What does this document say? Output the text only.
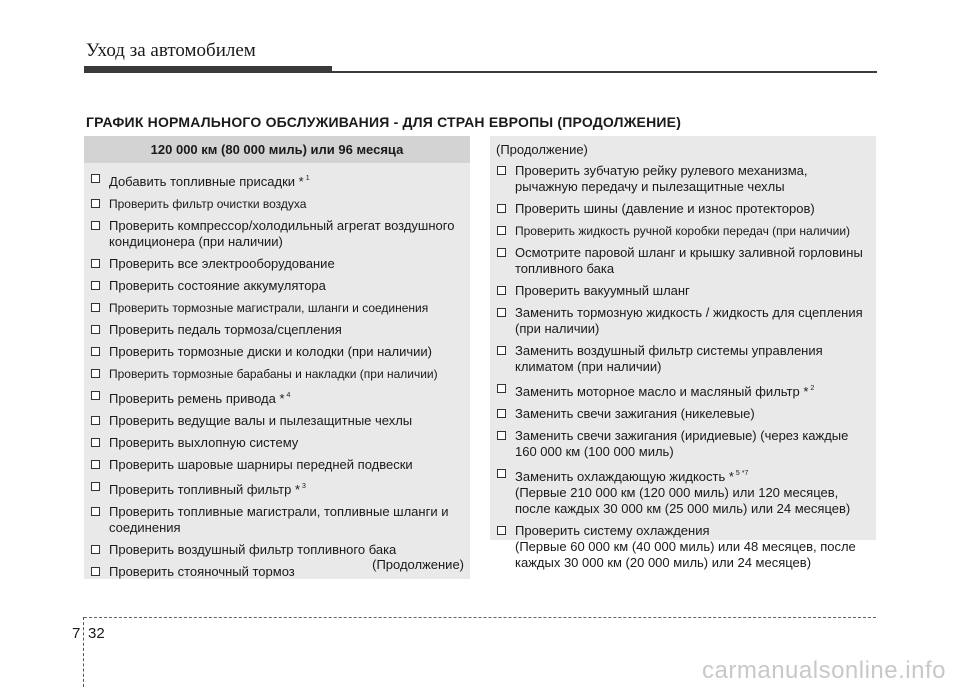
Уход за автомобилем
ГРАФИК НОРМАЛЬНОГО ОБСЛУЖИВАНИЯ - ДЛЯ СТРАН ЕВРОПЫ (ПРОДОЛЖЕНИЕ)
120 000 км (80 000 миль) или 96 месяца
Добавить топливные присадки * $^1$
Проверить фильтр очистки воздуха
Проверить компрессор/холодильный агрегат воздушного кондиционера (при наличии)
Проверить все электрооборудование
Проверить состояние аккумулятора
Проверить тормозные магистрали, шланги и соединения
Проверить педаль тормоза/сцепления
Проверить тормозные диски и колодки (при наличии)
Проверить тормозные барабаны и накладки (при наличии)
Проверить ремень привода * $^4$
Проверить ведущие валы и пылезащитные чехлы
Проверить выхлопную систему
Проверить шаровые шарниры передней подвески
Проверить топливный фильтр * $^3$
Проверить топливные магистрали, топливные шланги и соединения
Проверить воздушный фильтр топливного бака
Проверить стояночный тормоз	(Продолжение)
(Продолжение)
Проверить зубчатую рейку рулевого механизма, рычажную передачу и пылезащитные чехлы
Проверить шины (давление и износ протекторов)
Проверить жидкость ручной коробки передач (при наличии)
Осмотрите паровой шланг и крышку заливной горловины топливного бака
Проверить вакуумный шланг
Заменить тормозную жидкость / жидкость для сцепления (при наличии)
Заменить воздушный фильтр системы управления климатом (при наличии)
Заменить моторное масло и масляный фильтр * $^2$
Заменить свечи зажигания (никелевые)
Заменить свечи зажигания (иридиевые) (через каждые 160 000 км (100 000 миль)
Заменить охлаждающую жидкость * $^{5 *7}$
(Первые 210 000 км (120 000 миль) или 120 месяцев, после каждых 30 000 км (25 000 миль) или 24 месяцев)
Проверить систему охлаждения
(Первые 60 000 км (40 000 миль) или 48 месяцев, после каждых 30 000 км (20 000 миль) или 24 месяцев)
7 32
carmanualsonline.info
